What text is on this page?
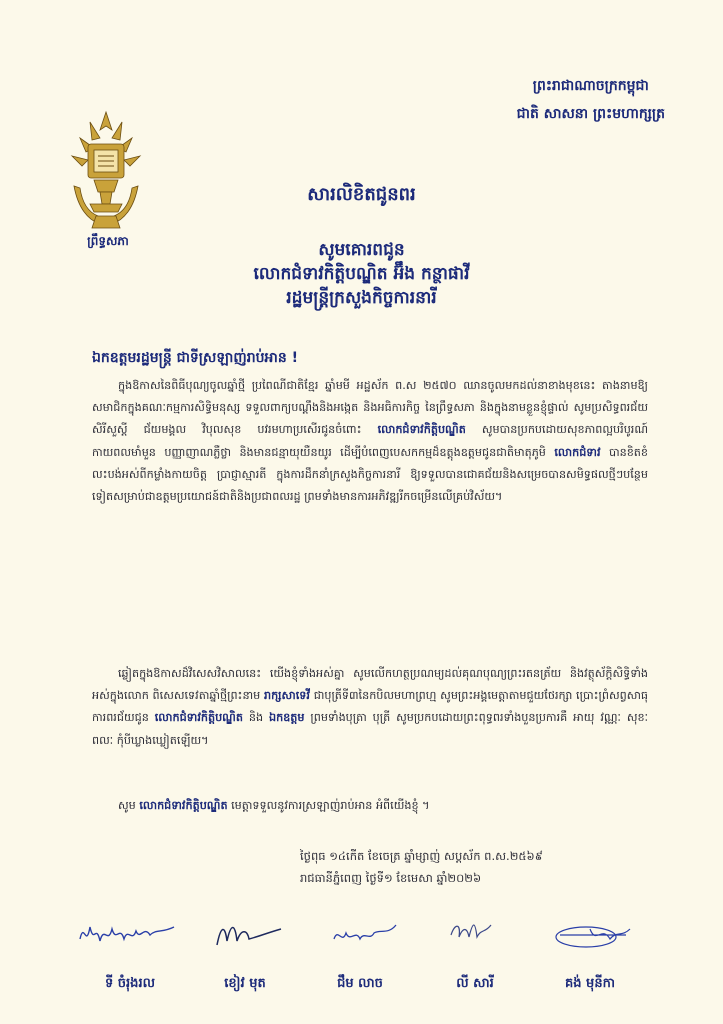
ព្រះរាជាណាចក្រកម្ពុជា
ជាតិ សាសនា ព្រះមហាក្សត្រ
ព្រឹទ្ធសភា
សារលិខិតជូនពរ
សូមគោរពជូន
លោកជំទាវកិត្តិបណ្ឌិត អ៊ឹង កន្ថាផាវី
រដ្ឋមន្ត្រីក្រសួងកិច្ចការនារី
ឯកឧត្តមរដ្ឋមន្ត្រី ជាទីស្រឡាញ់រាប់អាន !
ក្នុងឱកាសនៃពិធីបុណ្យចូលឆ្នាំថ្មី ប្រពៃណីជាតិខ្មែរ ឆ្នាំមមី អដ្ឋស័ក ព.ស ២៥៧០ ឈានចូលមកដល់នាខាងមុខនេះ តាងនាមឱ្យសមាជិកក្នុងគណៈកម្មការសិទ្ធិមនុស្ស ទទួលពាក្យបណ្ដឹងនិងអង្កេត និងអធិការកិច្ច នៃព្រឹទ្ធសភា និងក្នុងនាមខ្លួនខ្ញុំផ្ទាល់ សូមប្រសិទ្ធពរជ័យ សិរីសួស្តី ជ័យមង្គល វិបុលសុខ បវរមហាប្រសើរជូនចំពោះ លោកជំទាវកិត្តិបណ្ឌិត សូមបានប្រកបដោយសុខភាពល្អបរិបូរណ៍ កាយពលមាំមួន បញ្ញាញាណភ្លឺថ្លា និងមានជន្មាយុយឺនយូរ ដើម្បីបំពេញបេសកកម្មដ៏ឧត្តុងឧត្តមជូនជាតិមាតុភូមិ លោកជំទាវ បានខិតខំលះបង់អស់ពីកម្លាំងកាយចិត្ត ប្រាជ្ញាស្មារតី ក្នុងការដឹកនាំក្រសួងកិច្ចការនារី ឱ្យទទួលបានជោគជ័យនិងសម្រេចបានសមិទ្ធផលថ្មីៗបន្ថែមទៀតសម្រាប់ជាឧត្តមប្រយោជន៍ជាតិនិងប្រជាពលរដ្ឋ ព្រមទាំងមានការអភិវឌ្ឍរីកចម្រើនលើគ្រប់វិស័យ។
ឆ្លៀតក្នុងឱកាសដ៏វិសេសវិសាលនេះ យើងខ្ញុំទាំងអស់គ្នា សូមលើកហត្ថប្រណម្យដល់គុណបុណ្យព្រះរតនត្រ័យ និងវត្ថុស័ក្តិសិទ្ធិទាំងអស់ក្នុងលោក ពិសេសទេវតាឆ្នាំថ្មីព្រះនាម រាក្សសាទេវី ជាបុត្រីទី៣នៃកបិលមហាព្រហ្ម សូមព្រះអង្គមេត្តាតាមជួយថែរក្សា ប្រោះព្រំសព្វសាធុការពរជ័យជូន លោកជំទាវកិត្តិបណ្ឌិត និង ឯកឧត្តម ព្រមទាំងបុត្រា បុត្រី សូមប្រកបដោយព្រះពុទ្ធពរទាំងបួនប្រការគឺ អាយុ វណ្ណៈ សុខៈ ពលៈ កុំបីឃ្លាងឃ្លៀតឡើយ។
សូម លោកជំទាវកិត្តិបណ្ឌិត មេត្តាទទួលនូវការស្រឡាញ់រាប់អាន អំពីយើងខ្ញុំ ។
ថ្ងៃពុធ ១៤កើត ខែចេត្រ ឆ្នាំម្សាញ់ សប្តស័ក ព.ស.២៥៦៩
រាជធានីភ្នំពេញ ថ្ងៃទី១ ខែមេសា ឆ្នាំ២០២៦
ទី ចំរុងរល	ខៀវ មុត	ជឹម លាច	លី សារី	គង់ មុនីកា
